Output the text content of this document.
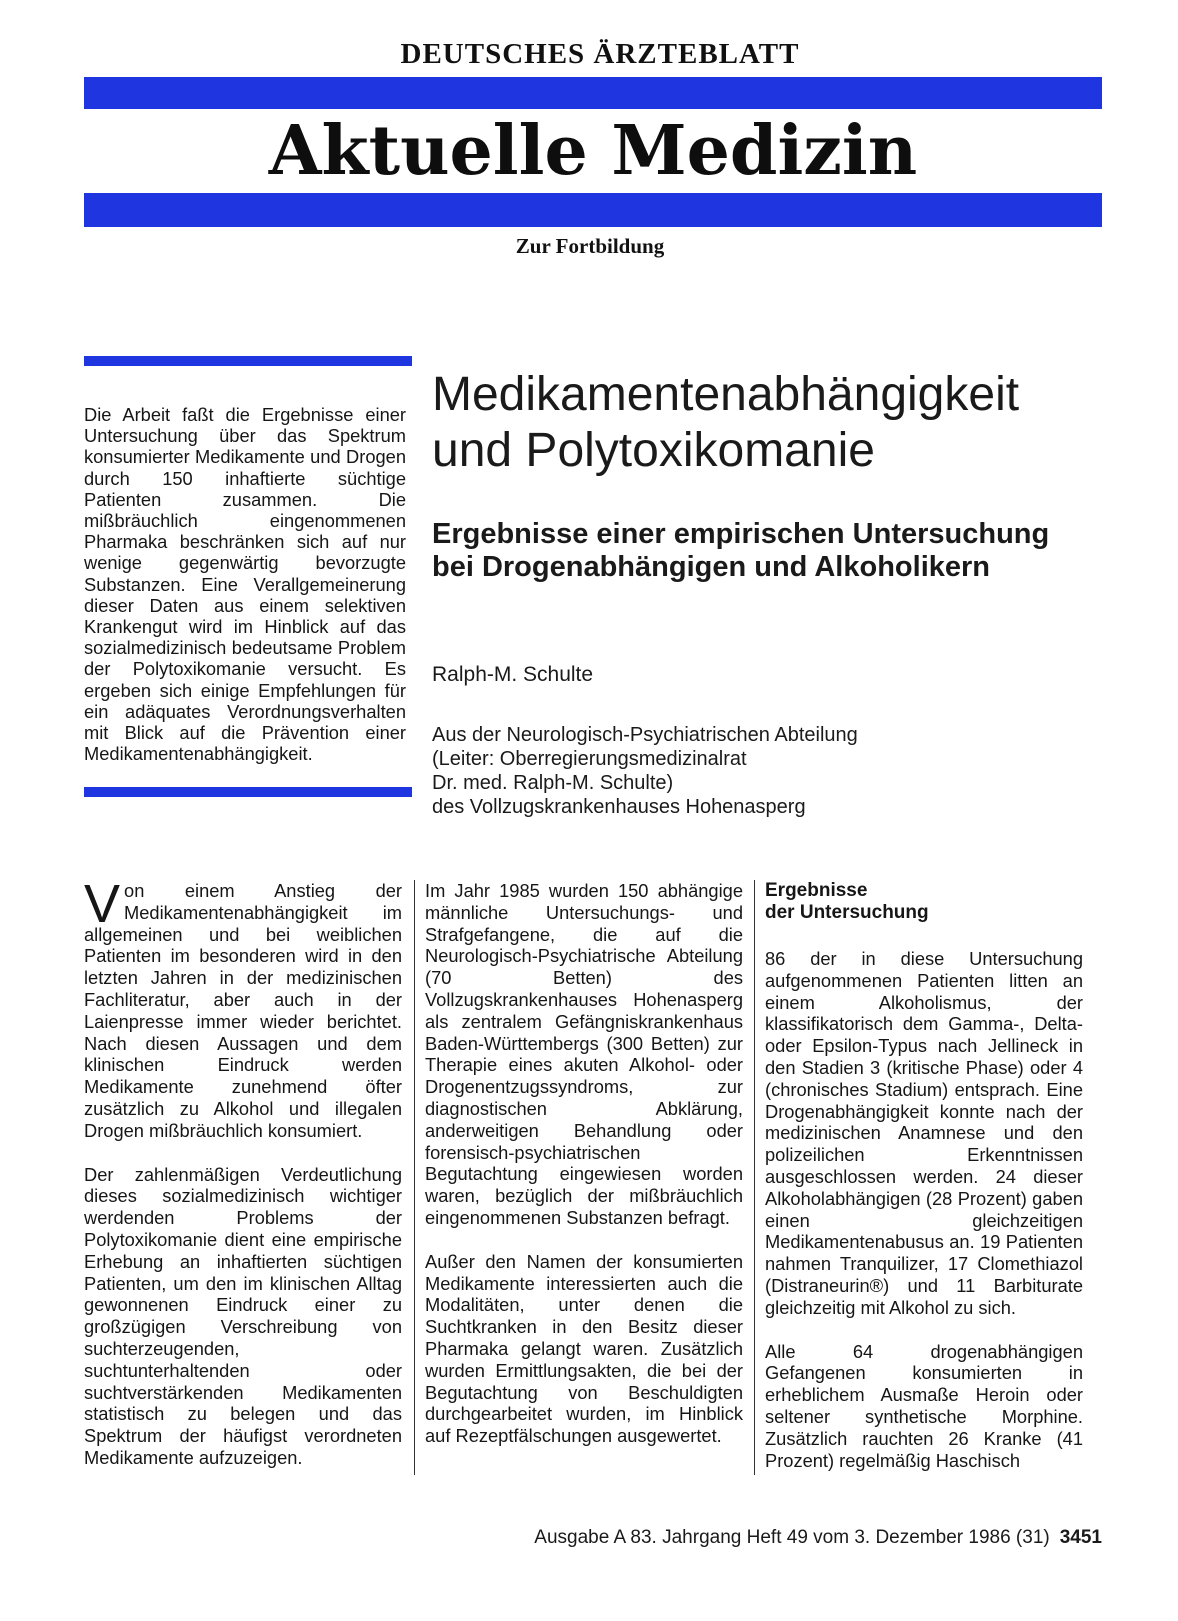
DEUTSCHES ÄRZTEBLATT
Aktuelle Medizin
Zur Fortbildung
Die Arbeit faßt die Ergebnisse einer Untersuchung über das Spektrum konsumierter Medikamente und Drogen durch 150 inhaftierte süchtige Patienten zusammen. Die mißbräuchlich eingenommenen Pharmaka beschränken sich auf nur wenige gegenwärtig bevorzugte Substanzen. Eine Verallgemeinerung dieser Daten aus einem selektiven Krankengut wird im Hinblick auf das sozialmedizinisch bedeutsame Problem der Polytoxikomanie versucht. Es ergeben sich einige Empfehlungen für ein adäquates Verordnungsverhalten mit Blick auf die Prävention einer Medikamentenabhängigkeit.
Medikamentenabhängigkeit
und Polytoxikomanie
Ergebnisse einer empirischen Untersuchung
bei Drogenabhängigen und Alkoholikern
Ralph-M. Schulte
Aus der Neurologisch-Psychiatrischen Abteilung
(Leiter: Oberregierungsmedizinalrat
Dr. med. Ralph-M. Schulte)
des Vollzugskrankenhauses Hohenasperg

Von einem Anstieg der Medikamentenabhängigkeit im allgemeinen und bei weiblichen Patienten im besonderen wird in den letzten Jahren in der medizinischen Fachliteratur, aber auch in der Laienpresse immer wieder berichtet. Nach diesen Aussagen und dem klinischen Eindruck werden Medikamente zunehmend öfter zusätzlich zu Alkohol und illegalen Drogen mißbräuchlich konsumiert.

Der zahlenmäßigen Verdeutlichung dieses sozialmedizinisch wichtiger werdenden Problems der Polytoxikomanie dient eine empirische Erhebung an inhaftierten süchtigen Patienten, um den im klinischen Alltag gewonnenen Eindruck einer zu großzügigen Verschreibung von suchterzeugenden, suchtunterhaltenden oder suchtverstärkenden Medikamenten statistisch zu belegen und das Spektrum der häufigst verordneten Medikamente aufzuzeigen.

Im Jahr 1985 wurden 150 abhängige männliche Untersuchungs- und Strafgefangene, die auf die Neurologisch-Psychiatrische Abteilung (70 Betten) des Vollzugskrankenhauses Hohenasperg als zentralem Gefängniskrankenhaus Baden-Württembergs (300 Betten) zur Therapie eines akuten Alkohol- oder Drogenentzugssyndroms, zur diagnostischen Abklärung, anderweitigen Behandlung oder forensisch-psychiatrischen Begutachtung eingewiesen worden waren, bezüglich der mißbräuchlich eingenommenen Substanzen befragt.

Außer den Namen der konsumierten Medikamente interessierten auch die Modalitäten, unter denen die Suchtkranken in den Besitz dieser Pharmaka gelangt waren. Zusätzlich wurden Ermittlungsakten, die bei der Begutachtung von Beschuldigten durchgearbeitet wurden, im Hinblick auf Rezeptfälschungen ausgewertet.

Ergebnisse
der Untersuchung

86 der in diese Untersuchung aufgenommenen Patienten litten an einem Alkoholismus, der klassifikatorisch dem Gamma-, Delta- oder Epsilon-Typus nach Jellineck in den Stadien 3 (kritische Phase) oder 4 (chronisches Stadium) entsprach. Eine Drogenabhängigkeit konnte nach der medizinischen Anamnese und den polizeilichen Erkenntnissen ausgeschlossen werden. 24 dieser Alkoholabhängigen (28 Prozent) gaben einen gleichzeitigen Medikamentenabusus an. 19 Patienten nahmen Tranquilizer, 17 Clomethiazol (Distraneurin®) und 11 Barbiturate gleichzeitig mit Alkohol zu sich.

Alle 64 drogenabhängigen Gefangenen konsumierten in erheblichem Ausmaße Heroin oder seltener synthetische Morphine. Zusätzlich rauchten 26 Kranke (41 Prozent) regelmäßig Haschisch

Ausgabe A 83. Jahrgang Heft 49 vom 3. Dezember 1986 (31) 3451
